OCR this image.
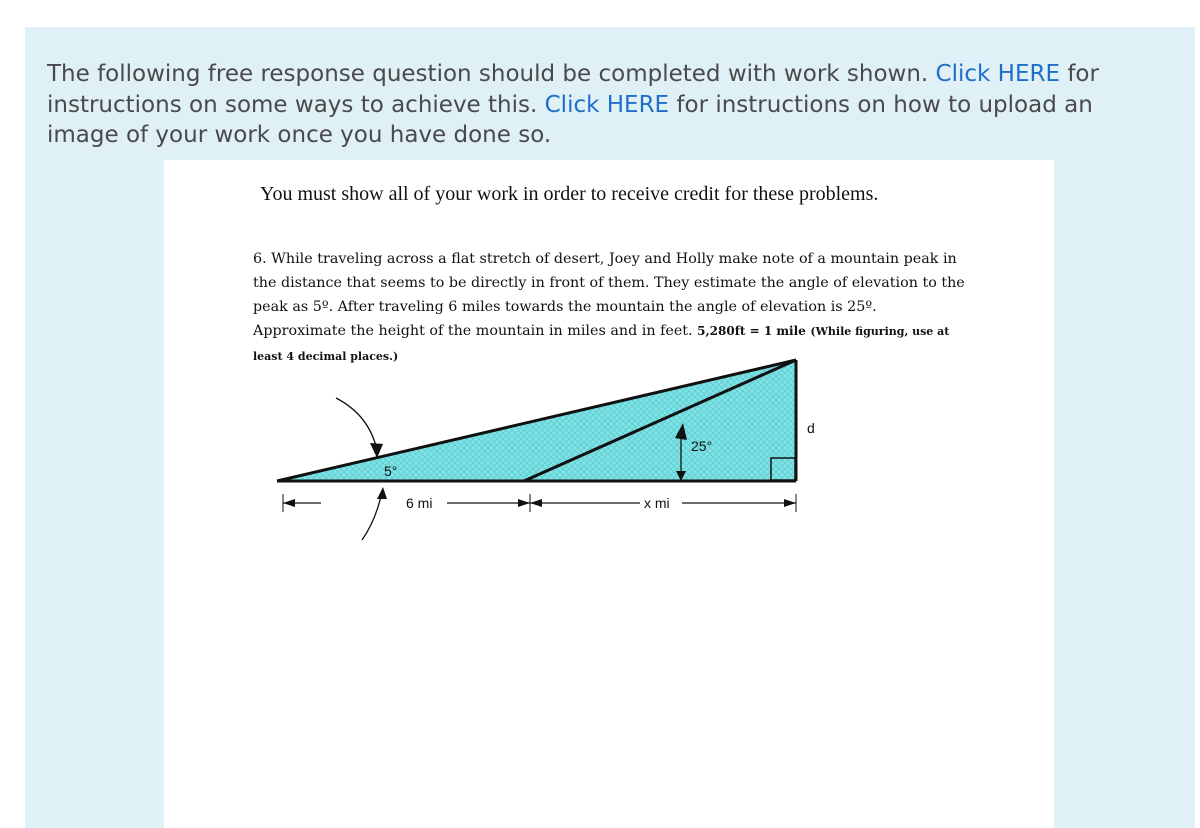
The following free response question should be completed with work shown. Click HERE for instructions on some ways to achieve this. Click HERE for instructions on how to upload an image of your work once you have done so.

You must show all of your work in order to receive credit for these problems.

6. While traveling across a flat stretch of desert, Joey and Holly make note of a mountain peak in the distance that seems to be directly in front of them. They estimate the angle of elevation to the peak as 5º. After traveling 6 miles towards the mountain the angle of elevation is 25º. Approximate the height of the mountain in miles and in feet. 5,280ft = 1 mile (While figuring, use at least 4 decimal places.)

5°
25°
d
6 mi	x mi
